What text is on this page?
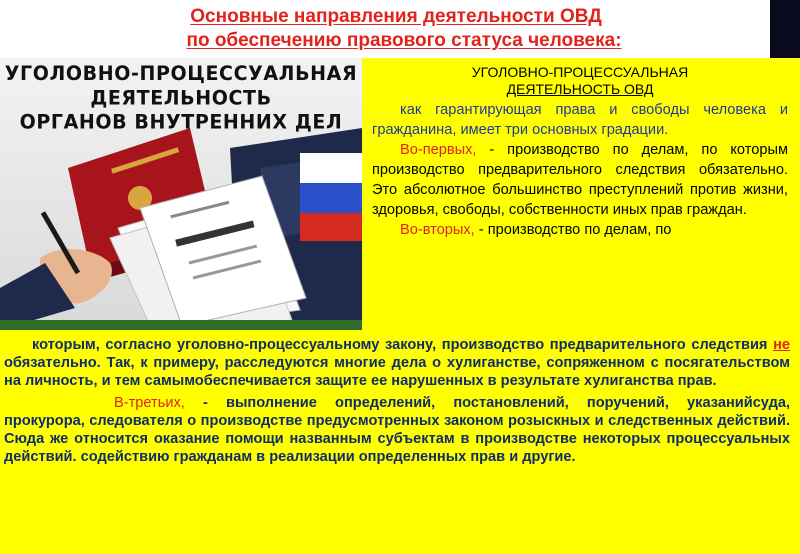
Основные направления деятельности ОВД
по обеспечению правового статуса человека:
УГОЛОВНО-ПРОЦЕССУАЛЬНАЯ
ДЕЯТЕЛЬНОСТЬ
ОРГАНОВ ВНУТРЕННИХ ДЕЛ
УГОЛОВНО-ПРОЦЕССУАЛЬНАЯ
ДЕЯТЕЛЬНОСТЬ ОВД

как гарантирующая права и свободы человека и гражданина, имеет три основных градации.

Во-первых, - производство по делам, по которым производство предварительного следствия обязательно. Это абсолютное большинство преступлений против жизни, здоровья, свободы, собственности иных прав граждан.

Во-вторых, - производство по делам, по

которым, согласно уголовно-процессуальному закону, производство предварительного следствия не обязательно. Так, к примеру, расследуются многие дела о хулиганстве, сопряженном с посягательством на личность, и тем самымобеспечивается защите ее нарушенных в результате хулиганства прав.

В-третьих, - выполнение определений, постановлений, поручений, указанийсуда, прокурора, следователя о производстве предусмотренных законом розыскных и следственных действий. Сюда же относится оказание помощи названным субъектам в производстве некоторых процессуальных действий. содействию гражданам в реализации определенных прав и другие.
